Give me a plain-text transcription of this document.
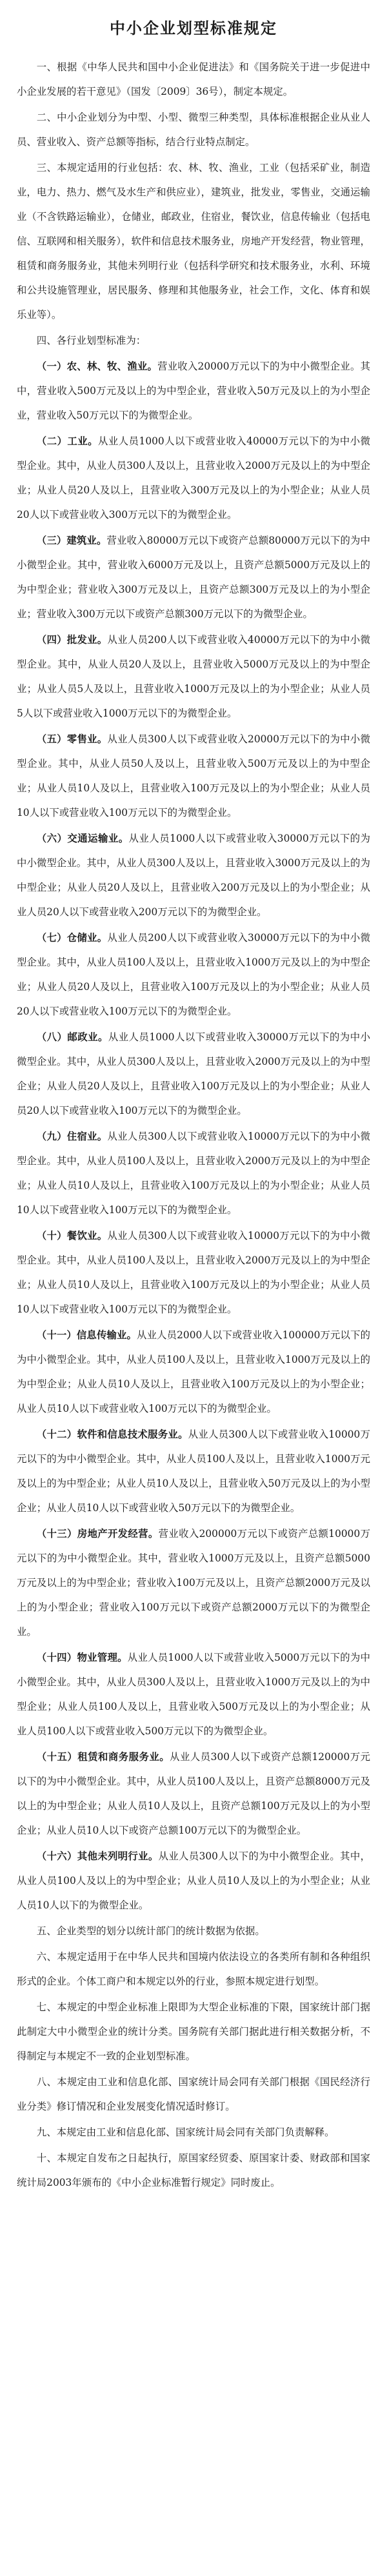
中小企业划型标准规定

一、根据《中华人民共和国中小企业促进法》和《国务院关于进一步促进中小企业发展的若干意见》（国发〔2009〕36号），制定本规定。

二、中小企业划分为中型、小型、微型三种类型，具体标准根据企业从业人员、营业收入、资产总额等指标，结合行业特点制定。

三、本规定适用的行业包括：农、林、牧、渔业，工业（包括采矿业，制造业，电力、热力、燃气及水生产和供应业），建筑业，批发业，零售业，交通运输业（不含铁路运输业），仓储业，邮政业，住宿业，餐饮业，信息传输业（包括电信、互联网和相关服务），软件和信息技术服务业，房地产开发经营，物业管理，租赁和商务服务业，其他未列明行业（包括科学研究和技术服务业，水利、环境和公共设施管理业，居民服务、修理和其他服务业，社会工作，文化、体育和娱乐业等）。

四、各行业划型标准为：

（一）农、林、牧、渔业。营业收入20000万元以下的为中小微型企业。其中，营业收入500万元及以上的为中型企业，营业收入50万元及以上的为小型企业，营业收入50万元以下的为微型企业。

（二）工业。从业人员1000人以下或营业收入40000万元以下的为中小微型企业。其中，从业人员300人及以上，且营业收入2000万元及以上的为中型企业；从业人员20人及以上，且营业收入300万元及以上的为小型企业；从业人员20人以下或营业收入300万元以下的为微型企业。

（三）建筑业。营业收入80000万元以下或资产总额80000万元以下的为中小微型企业。其中，营业收入6000万元及以上，且资产总额5000万元及以上的为中型企业；营业收入300万元及以上，且资产总额300万元及以上的为小型企业；营业收入300万元以下或资产总额300万元以下的为微型企业。

（四）批发业。从业人员200人以下或营业收入40000万元以下的为中小微型企业。其中，从业人员20人及以上，且营业收入5000万元及以上的为中型企业；从业人员5人及以上，且营业收入1000万元及以上的为小型企业；从业人员5人以下或营业收入1000万元以下的为微型企业。

（五）零售业。从业人员300人以下或营业收入20000万元以下的为中小微型企业。其中，从业人员50人及以上，且营业收入500万元及以上的为中型企业；从业人员10人及以上，且营业收入100万元及以上的为小型企业；从业人员10人以下或营业收入100万元以下的为微型企业。

（六）交通运输业。从业人员1000人以下或营业收入30000万元以下的为中小微型企业。其中，从业人员300人及以上，且营业收入3000万元及以上的为中型企业；从业人员20人及以上，且营业收入200万元及以上的为小型企业；从业人员20人以下或营业收入200万元以下的为微型企业。

（七）仓储业。从业人员200人以下或营业收入30000万元以下的为中小微型企业。其中，从业人员100人及以上，且营业收入1000万元及以上的为中型企业；从业人员20人及以上，且营业收入100万元及以上的为小型企业；从业人员20人以下或营业收入100万元以下的为微型企业。

（八）邮政业。从业人员1000人以下或营业收入30000万元以下的为中小微型企业。其中，从业人员300人及以上，且营业收入2000万元及以上的为中型企业；从业人员20人及以上，且营业收入100万元及以上的为小型企业；从业人员20人以下或营业收入100万元以下的为微型企业。

（九）住宿业。从业人员300人以下或营业收入10000万元以下的为中小微型企业。其中，从业人员100人及以上，且营业收入2000万元及以上的为中型企业；从业人员10人及以上，且营业收入100万元及以上的为小型企业；从业人员10人以下或营业收入100万元以下的为微型企业。

（十）餐饮业。从业人员300人以下或营业收入10000万元以下的为中小微型企业。其中，从业人员100人及以上，且营业收入2000万元及以上的为中型企业；从业人员10人及以上，且营业收入100万元及以上的为小型企业；从业人员10人以下或营业收入100万元以下的为微型企业。

（十一）信息传输业。从业人员2000人以下或营业收入100000万元以下的为中小微型企业。其中，从业人员100人及以上，且营业收入1000万元及以上的为中型企业；从业人员10人及以上，且营业收入100万元及以上的为小型企业；从业人员10人以下或营业收入100万元以下的为微型企业。

（十二）软件和信息技术服务业。从业人员300人以下或营业收入10000万元以下的为中小微型企业。其中，从业人员100人及以上，且营业收入1000万元及以上的为中型企业；从业人员10人及以上，且营业收入50万元及以上的为小型企业；从业人员10人以下或营业收入50万元以下的为微型企业。

（十三）房地产开发经营。营业收入200000万元以下或资产总额10000万元以下的为中小微型企业。其中，营业收入1000万元及以上，且资产总额5000万元及以上的为中型企业；营业收入100万元及以上，且资产总额2000万元及以上的为小型企业；营业收入100万元以下或资产总额2000万元以下的为微型企业。

（十四）物业管理。从业人员1000人以下或营业收入5000万元以下的为中小微型企业。其中，从业人员300人及以上，且营业收入1000万元及以上的为中型企业；从业人员100人及以上，且营业收入500万元及以上的为小型企业；从业人员100人以下或营业收入500万元以下的为微型企业。

（十五）租赁和商务服务业。从业人员300人以下或资产总额120000万元以下的为中小微型企业。其中，从业人员100人及以上，且资产总额8000万元及以上的为中型企业；从业人员10人及以上，且资产总额100万元及以上的为小型企业；从业人员10人以下或资产总额100万元以下的为微型企业。

（十六）其他未列明行业。从业人员300人以下的为中小微型企业。其中，从业人员100人及以上的为中型企业；从业人员10人及以上的为小型企业；从业人员10人以下的为微型企业。

五、企业类型的划分以统计部门的统计数据为依据。

六、本规定适用于在中华人民共和国境内依法设立的各类所有制和各种组织形式的企业。个体工商户和本规定以外的行业，参照本规定进行划型。

七、本规定的中型企业标准上限即为大型企业标准的下限，国家统计部门据此制定大中小微型企业的统计分类。国务院有关部门据此进行相关数据分析，不得制定与本规定不一致的企业划型标准。

八、本规定由工业和信息化部、国家统计局会同有关部门根据《国民经济行业分类》修订情况和企业发展变化情况适时修订。

九、本规定由工业和信息化部、国家统计局会同有关部门负责解释。

十、本规定自发布之日起执行，原国家经贸委、原国家计委、财政部和国家统计局2003年颁布的《中小企业标准暂行规定》同时废止。
